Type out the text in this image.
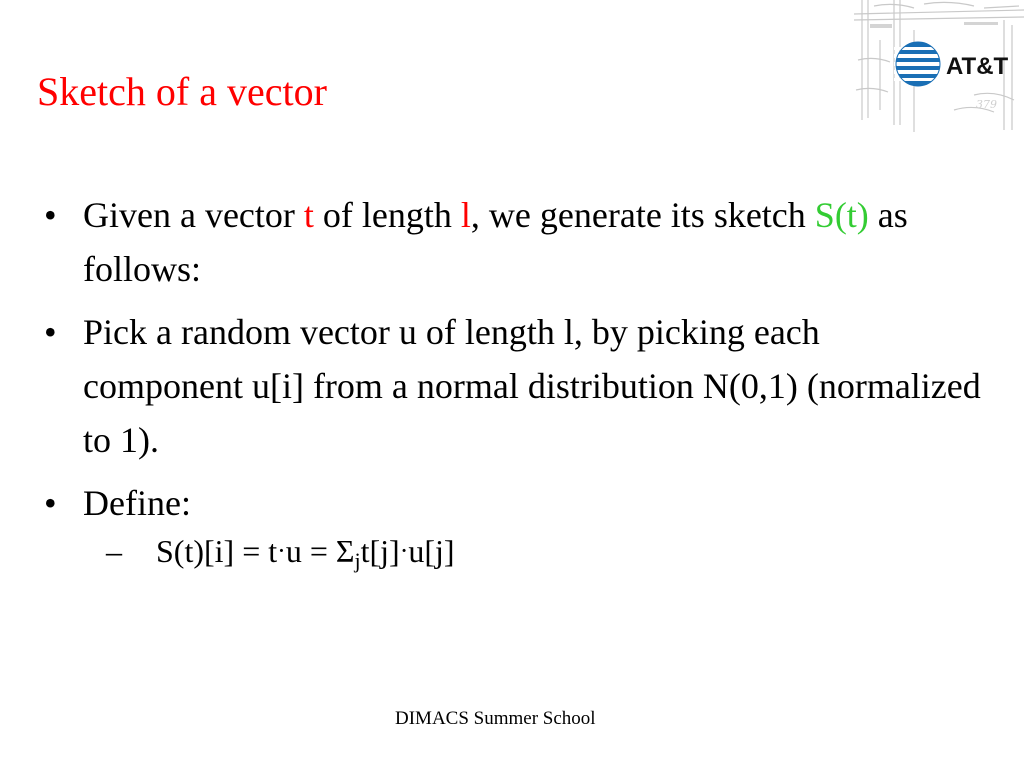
379
AT&T
Sketch of a vector
• Given a vector t of length l, we generate its sketch S(t) as follows:
• Pick a random vector u of length l, by picking each component u[i] from a normal distribution N(0,1) (normalized to 1).
• Define:
– $S(t)[i] = t\cdot u = \Sigma_jt[j]\cdot u[j]$
DIMACS Summer School
